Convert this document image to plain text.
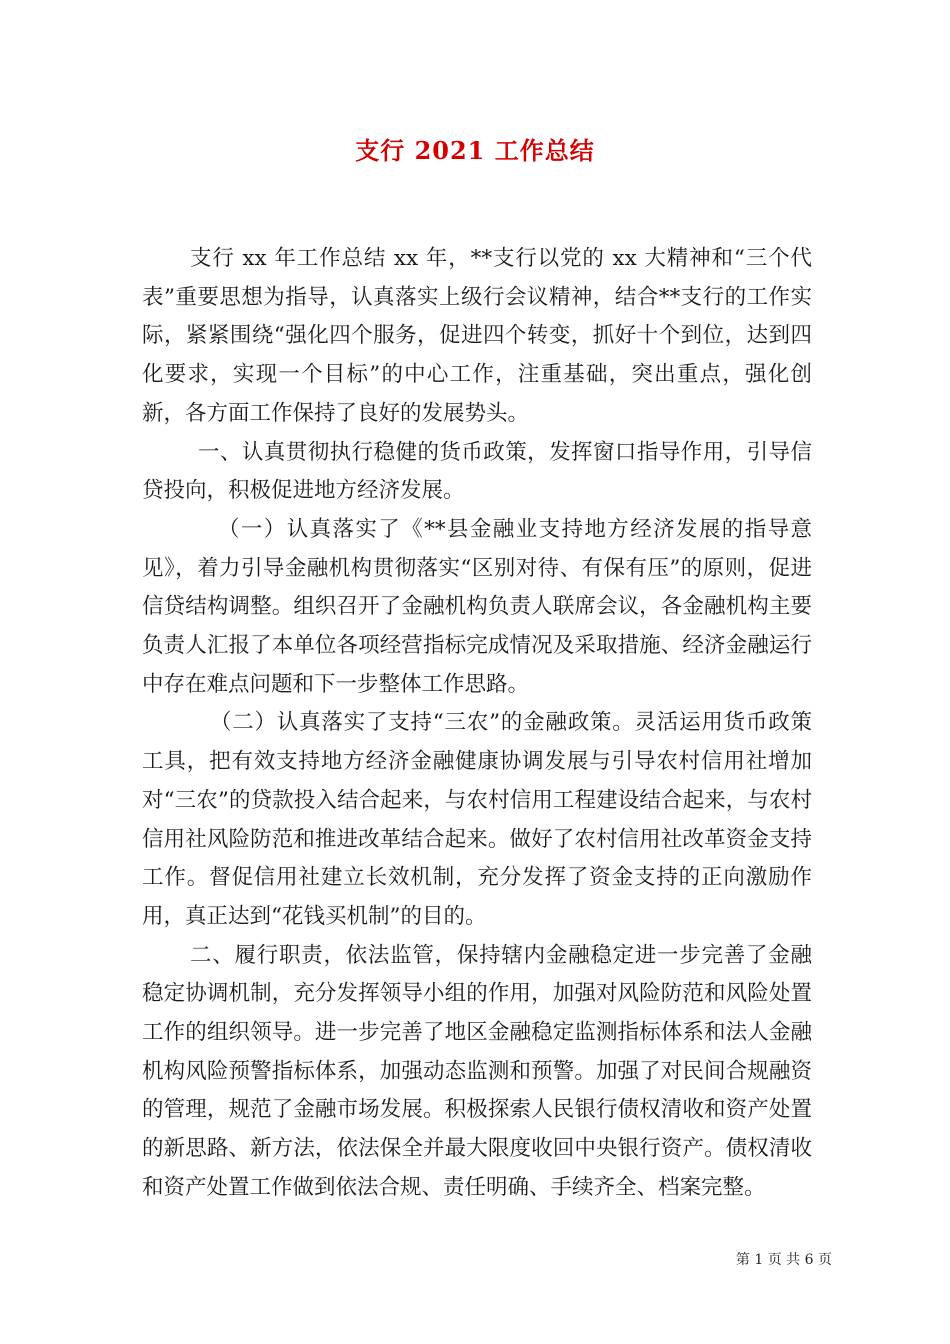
支行 2021 工作总结

支行 xx 年工作总结 xx 年，**支行以党的 xx 大精神和“三个代表”重要思想为指导，认真落实上级行会议精神，结合**支行的工作实际，紧紧围绕“强化四个服务，促进四个转变，抓好十个到位，达到四化要求，实现一个目标”的中心工作，注重基础，突出重点，强化创新，各方面工作保持了良好的发展势头。

一、认真贯彻执行稳健的货币政策，发挥窗口指导作用，引导信贷投向，积极促进地方经济发展。

（一）认真落实了《**县金融业支持地方经济发展的指导意见》，着力引导金融机构贯彻落实“区别对待、有保有压”的原则，促进信贷结构调整。组织召开了金融机构负责人联席会议，各金融机构主要负责人汇报了本单位各项经营指标完成情况及采取措施、经济金融运行中存在难点问题和下一步整体工作思路。

（二）认真落实了支持“三农”的金融政策。灵活运用货币政策工具，把有效支持地方经济金融健康协调发展与引导农村信用社增加对“三农”的贷款投入结合起来，与农村信用工程建设结合起来，与农村信用社风险防范和推进改革结合起来。做好了农村信用社改革资金支持工作。督促信用社建立长效机制，充分发挥了资金支持的正向激励作用，真正达到“花钱买机制”的目的。

二、履行职责，依法监管，保持辖内金融稳定进一步完善了金融稳定协调机制，充分发挥领导小组的作用，加强对风险防范和风险处置工作的组织领导。进一步完善了地区金融稳定监测指标体系和法人金融机构风险预警指标体系，加强动态监测和预警。加强了对民间合规融资的管理，规范了金融市场发展。积极探索人民银行债权清收和资产处置的新思路、新方法，依法保全并最大限度收回中央银行资产。债权清收和资产处置工作做到依法合规、责任明确、手续齐全、档案完整。

第 1 页 共 6 页
